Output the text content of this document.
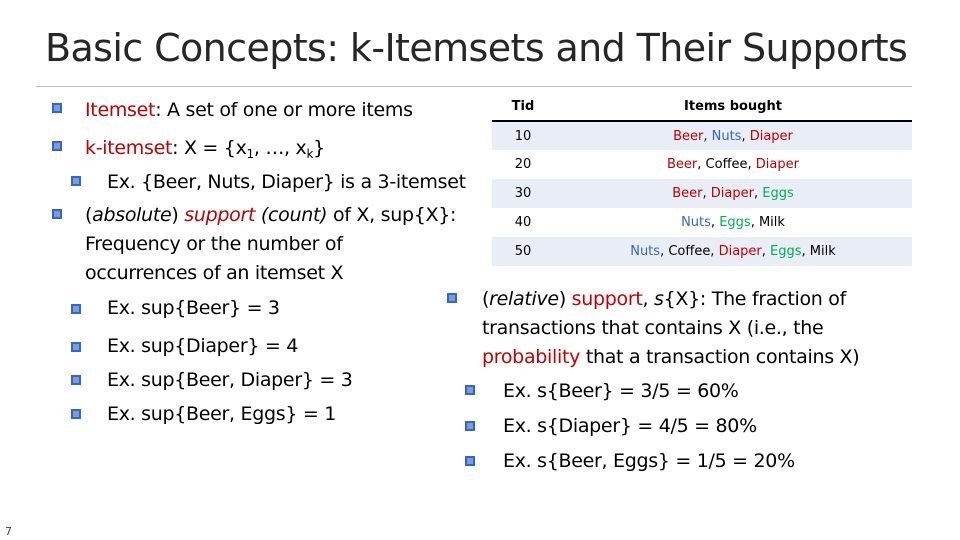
Basic Concepts: k-Itemsets and Their Supports
Itemset: A set of one or more items
k-itemset: $X = \{x_1$, …, $x_k$}
Ex. {Beer, Nuts, Diaper} is a 3-itemset
(absolute) support (count) of X, sup{X}:
Frequency or the number of
occurrences of an itemset X
Ex. sup{Beer} = 3
Ex. sup{Diaper} = 4
Ex. sup{Beer, Diaper} = 3
Ex. sup{Beer, Eggs} = 1
Tid	Items bought
10	Beer, Nuts, Diaper
20	Beer, Coffee, Diaper
30	Beer, Diaper, Eggs
40	Nuts, Eggs, Milk
50	Nuts, Coffee, Diaper, Eggs, Milk
(relative) support, s{X}: The fraction of
transactions that contains X (i.e., the
probability that a transaction contains X)
Ex. s{Beer} = 3/5 = 60%
Ex. s{Diaper} = 4/5 = 80%
Ex. s{Beer, Eggs} = 1/5 = 20%
7
